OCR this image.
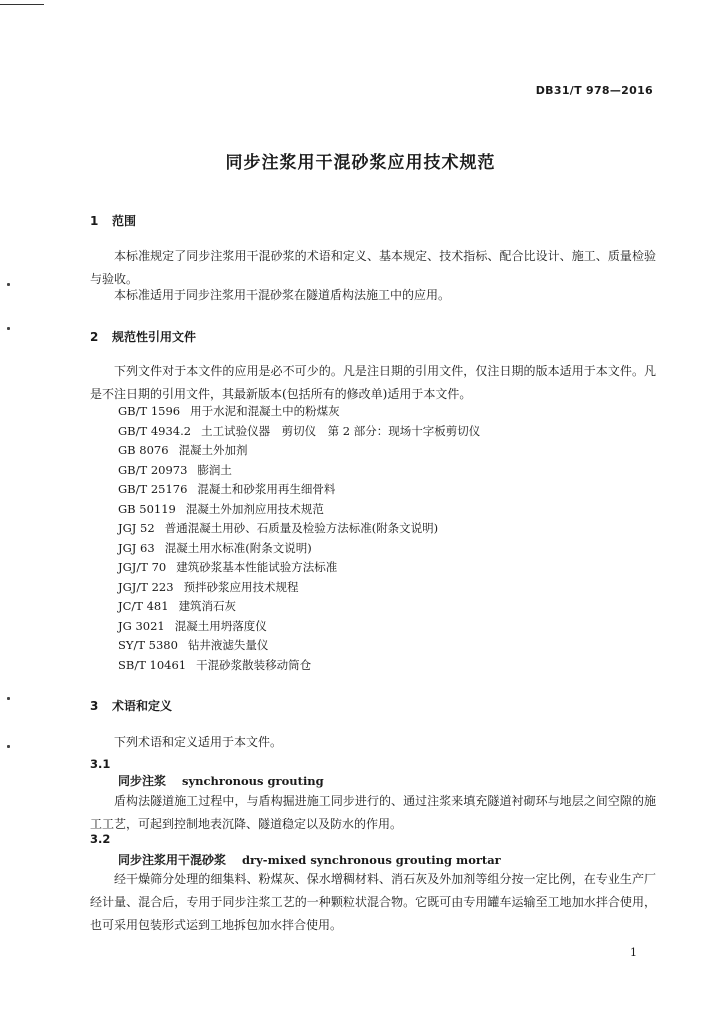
DB31/T 978—2016
同步注浆用干混砂浆应用技术规范
1 范围

本标准规定了同步注浆用干混砂浆的术语和定义、基本规定、技术指标、配合比设计、施工、质量检验与验收。

本标准适用于同步注浆用干混砂浆在隧道盾构法施工中的应用。

2 规范性引用文件

下列文件对于本文件的应用是必不可少的。凡是注日期的引用文件，仅注日期的版本适用于本文件。凡是不注日期的引用文件，其最新版本(包括所有的修改单)适用于本文件。

GB/T 1596 用于水泥和混凝土中的粉煤灰
GB/T 4934.2 土工试验仪器　剪切仪　第 2 部分：现场十字板剪切仪
GB 8076 混凝土外加剂
GB/T 20973 膨润土
GB/T 25176 混凝土和砂浆用再生细骨料
GB 50119 混凝土外加剂应用技术规范
JGJ 52 普通混凝土用砂、石质量及检验方法标准(附条文说明)
JGJ 63 混凝土用水标准(附条文说明)
JGJ/T 70 建筑砂浆基本性能试验方法标准
JGJ/T 223 预拌砂浆应用技术规程
JC/T 481 建筑消石灰
JG 3021 混凝土用坍落度仪
SY/T 5380 钻井液滤失量仪
SB/T 10461 干混砂浆散装移动筒仓
3 术语和定义

下列术语和定义适用于本文件。

3.1
同步注浆 synchronous grouting

盾构法隧道施工过程中，与盾构掘进施工同步进行的、通过注浆来填充隧道衬砌环与地层之间空隙的施工工艺，可起到控制地表沉降、隧道稳定以及防水的作用。

3.2
同步注浆用干混砂浆 dry-mixed synchronous grouting mortar

经干燥筛分处理的细集料、粉煤灰、保水增稠材料、消石灰及外加剂等组分按一定比例，在专业生产厂经计量、混合后，专用于同步注浆工艺的一种颗粒状混合物。它既可由专用罐车运输至工地加水拌合使用，也可采用包装形式运到工地拆包加水拌合使用。

1
